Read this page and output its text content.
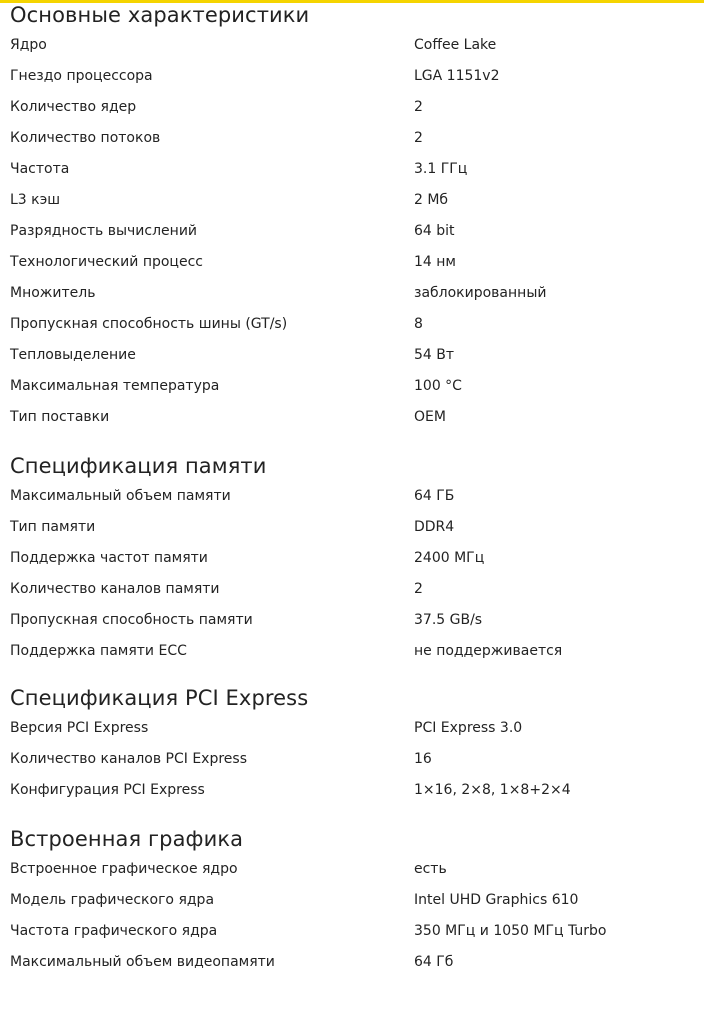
Основные характеристики
Ядро	Coffee Lake
Гнездо процессора	LGA 1151v2
Количество ядер	2
Количество потоков	2
Частота	3.1 ГГц
L3 кэш	2 Мб
Разрядность вычислений	64 bit
Технологический процесс	14 нм
Множитель	заблокированный
Пропускная способность шины (GT/s)	8
Тепловыделение	54 Вт
Максимальная температура	100 °C
Тип поставки	OEM
Спецификация памяти
Максимальный объем памяти	64 ГБ
Тип памяти	DDR4
Поддержка частот памяти	2400 МГц
Количество каналов памяти	2
Пропускная способность памяти	37.5 GB/s
Поддержка памяти ECC	не поддерживается
Спецификация PCI Express
Версия PCI Express	PCI Express 3.0
Количество каналов PCI Express	16
Конфигурация PCI Express	1×16, 2×8, 1×8+2×4
Встроенная графика
Встроенное графическое ядро	есть
Модель графического ядра	Intel UHD Graphics 610
Частота графического ядра	350 МГц и 1050 МГц Turbo
Максимальный объем видеопамяти	64 Гб
